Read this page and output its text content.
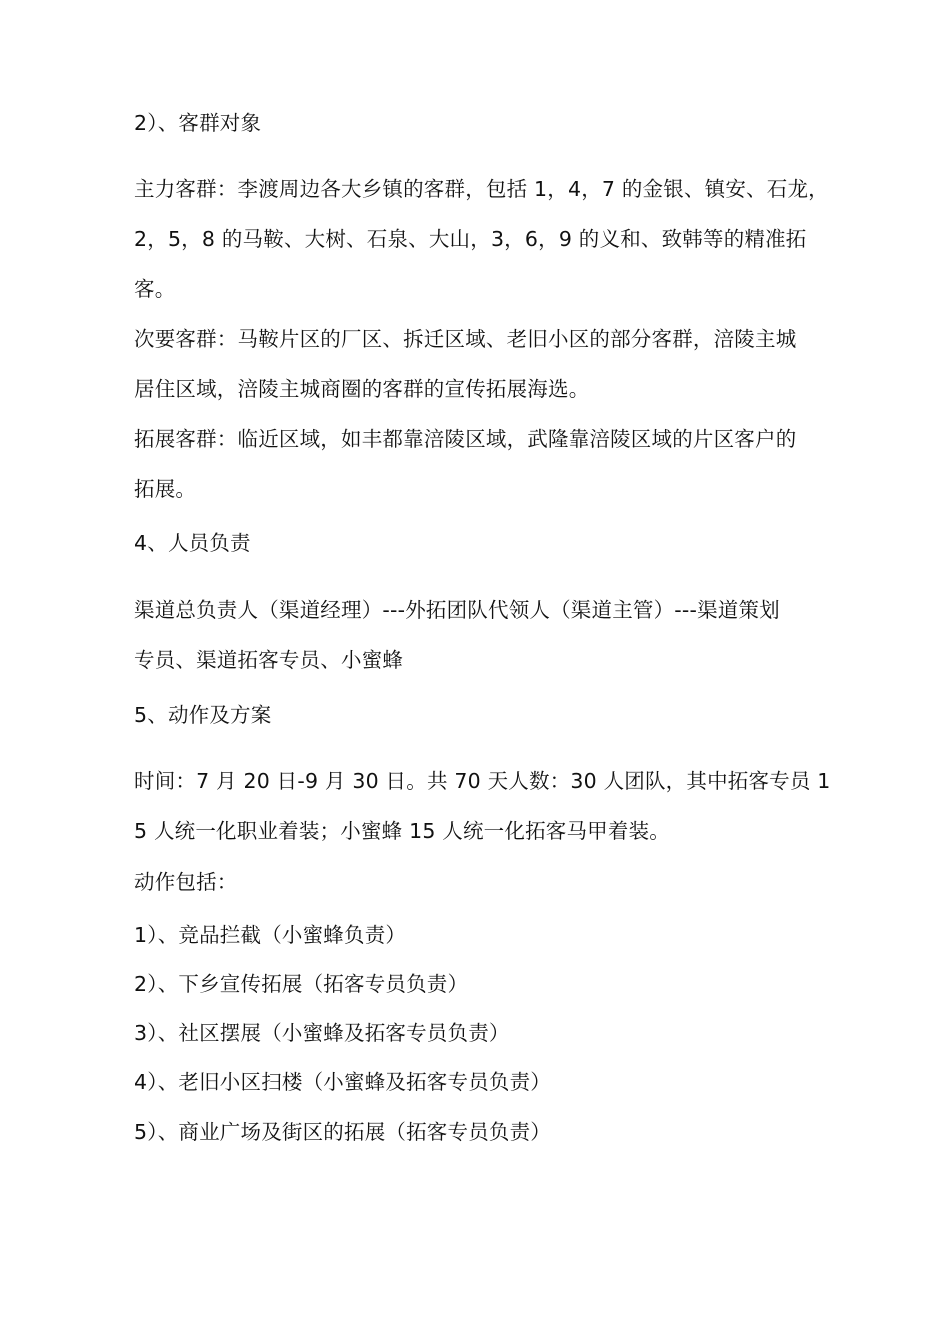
2）、客群对象

主力客群：李渡周边各大乡镇的客群，包括 1，4，7 的金银、镇安、石龙，

2，5，8 的马鞍、大树、石泉、大山，3，6，9 的义和、致韩等的精准拓

客。

次要客群：马鞍片区的厂区、拆迁区域、老旧小区的部分客群，涪陵主城

居住区域，涪陵主城商圈的客群的宣传拓展海选。

拓展客群：临近区域，如丰都靠涪陵区域，武隆靠涪陵区域的片区客户的

拓展。

4、人员负责

渠道总负责人（渠道经理）---外拓团队代领人（渠道主管）---渠道策划

专员、渠道拓客专员、小蜜蜂

5、动作及方案

时间：7 月 20 日-9 月 30 日。共 70 天人数：30 人团队，其中拓客专员 1

5 人统一化职业着装；小蜜蜂 15 人统一化拓客马甲着装。

动作包括：

1）、竞品拦截（小蜜蜂负责）

2）、下乡宣传拓展（拓客专员负责）

3）、社区摆展（小蜜蜂及拓客专员负责）

4）、老旧小区扫楼（小蜜蜂及拓客专员负责）

5）、商业广场及街区的拓展（拓客专员负责）
